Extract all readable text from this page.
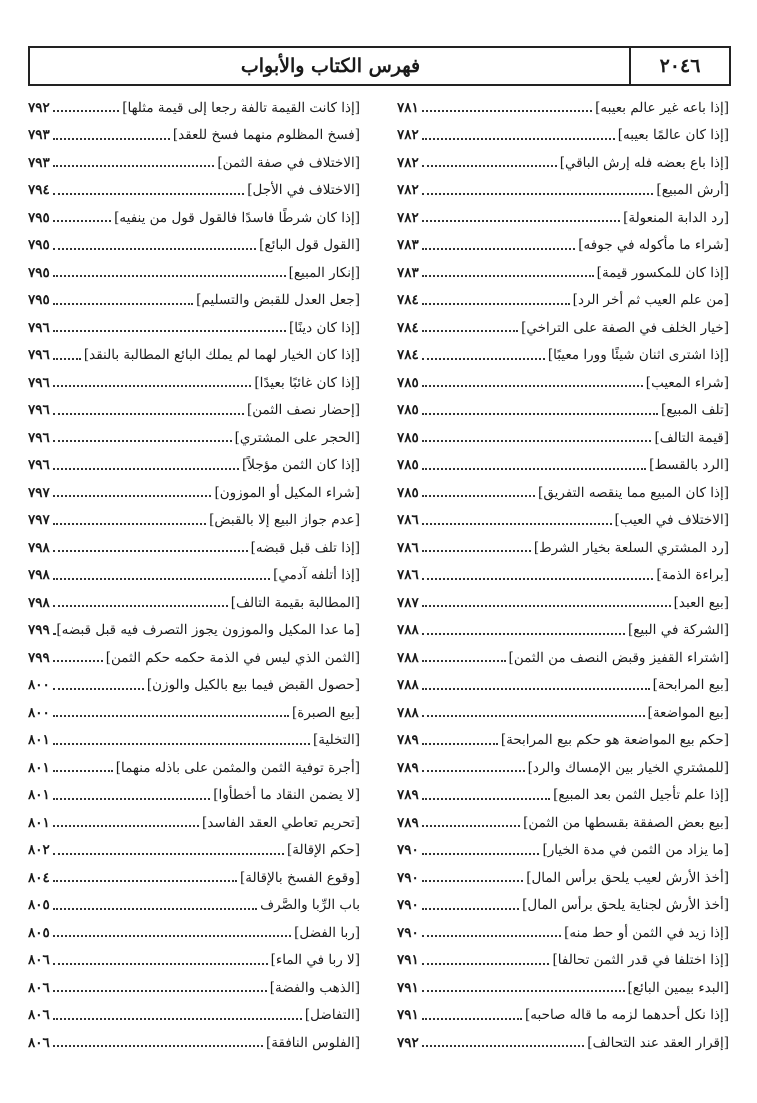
٢٠٤٦
فهرس الكتاب والأبواب
[إذا باعه غير عالم بعيبه]
٧٨١
[إذا كان عالمًا بعيبه]
٧٨٢
[إذا باع بعضه فله إرش الباقي]
٧٨٢
[أرش المبيع]
٧٨٢
[رد الدابة المنعولة]
٧٨٢
[شراء ما مأكوله في جوفه]
٧٨٣
[إذا كان للمكسور قيمة]
٧٨٣
[من علم العيب ثم أخر الرد]
٧٨٤
[خيار الخلف في الصفة على التراخي]
٧٨٤
[إذا اشترى اثنان شيئًا وورا معيبًا]
٧٨٤
[شراء المعيب]
٧٨٥
[تلف المبيع]
٧٨٥
[قيمة التالف]
٧٨٥
[الرد بالقسط]
٧٨٥
[إذا كان المبيع مما ينقصه التفريق]
٧٨٥
[الاختلاف في العيب]
٧٨٦
[رد المشتري السلعة بخيار الشرط]
٧٨٦
[براءة الذمة]
٧٨٦
[بيع العبد]
٧٨٧
[الشركة في البيع]
٧٨٨
[اشتراء القفيز وقبض النصف من الثمن]
٧٨٨
[بيع المرابحة]
٧٨٨
[بيع المواضعة]
٧٨٨
[حكم بيع المواضعة هو حكم بيع المرابحة]
٧٨٩
[للمشتري الخيار بين الإمساك والرد]
٧٨٩
[إذا علم تأجيل الثمن بعد المبيع]
٧٨٩
[بيع بعض الصفقة بقسطها من الثمن]
٧٨٩
[ما يزاد من الثمن في مدة الخيار]
٧٩٠
[أخذ الأرش لعيب يلحق برأس المال]
٧٩٠
[أخذ الأرش لجناية يلحق برأس المال]
٧٩٠
[إذا زيد في الثمن أو حط منه]
٧٩٠
[إذا اختلفا في قدر الثمن تحالفا]
٧٩١
[البدء بيمين البائع]
٧٩١
[إذا نكل أحدهما لزمه ما قاله صاحبه]
٧٩١
[إقرار العقد عند التحالف]
٧٩٢
[إذا كانت القيمة تالفة رجعا إلى قيمة مثلها]
٧٩٢
[فسخ المظلوم منهما فسخ للعقد]
٧٩٣
[الاختلاف في صفة الثمن]
٧٩٣
[الاختلاف في الأجل]
٧٩٤
[إذا كان شرطًا فاسدًا فالقول قول من ينفيه]
٧٩٥
[القول قول البائع]
٧٩٥
[إنكار المبيع]
٧٩٥
[جعل العدل للقبض والتسليم]
٧٩٥
[إذا كان دينًا]
٧٩٦
[إذا كان الخيار لهما لم يملك البائع المطالبة بالنقد]
٧٩٦
[إذا كان غائبًا بعيدًا]
٧٩٦
[إحضار نصف الثمن]
٧٩٦
[الحجر على المشتري]
٧٩٦
[إذا كان الثمن مؤجلاً]
٧٩٦
[شراء المكيل أو الموزون]
٧٩٧
[عدم جواز البيع إلا بالقبض]
٧٩٧
[إذا تلف قبل قبضه]
٧٩٨
[إذا أتلفه آدمي]
٧٩٨
[المطالبة بقيمة التالف]
٧٩٨
[ما عدا المكيل والموزون يجوز التصرف فيه قبل قبضه]
٧٩٩
[الثمن الذي ليس في الذمة حكمه حكم الثمن]
٧٩٩
[حصول القبض فيما بيع بالكيل والوزن]
٨٠٠
[بيع الصبرة]
٨٠٠
[التخلية]
٨٠١
[أجرة توفية الثمن والمثمن على باذله منهما]
٨٠١
[لا يضمن النقاد ما أخطأوا]
٨٠١
[تحريم تعاطي العقد الفاسد]
٨٠١
[حكم الإقالة]
٨٠٢
[وقوع الفسخ بالإقالة]
٨٠٤
باب الرِّبا والصَّرف
٨٠٥
[ربا الفضل]
٨٠٥
[لا ربا في الماء]
٨٠٦
[الذهب والفضة]
٨٠٦
[التفاضل]
٨٠٦
[الفلوس النافقة]
٨٠٦
